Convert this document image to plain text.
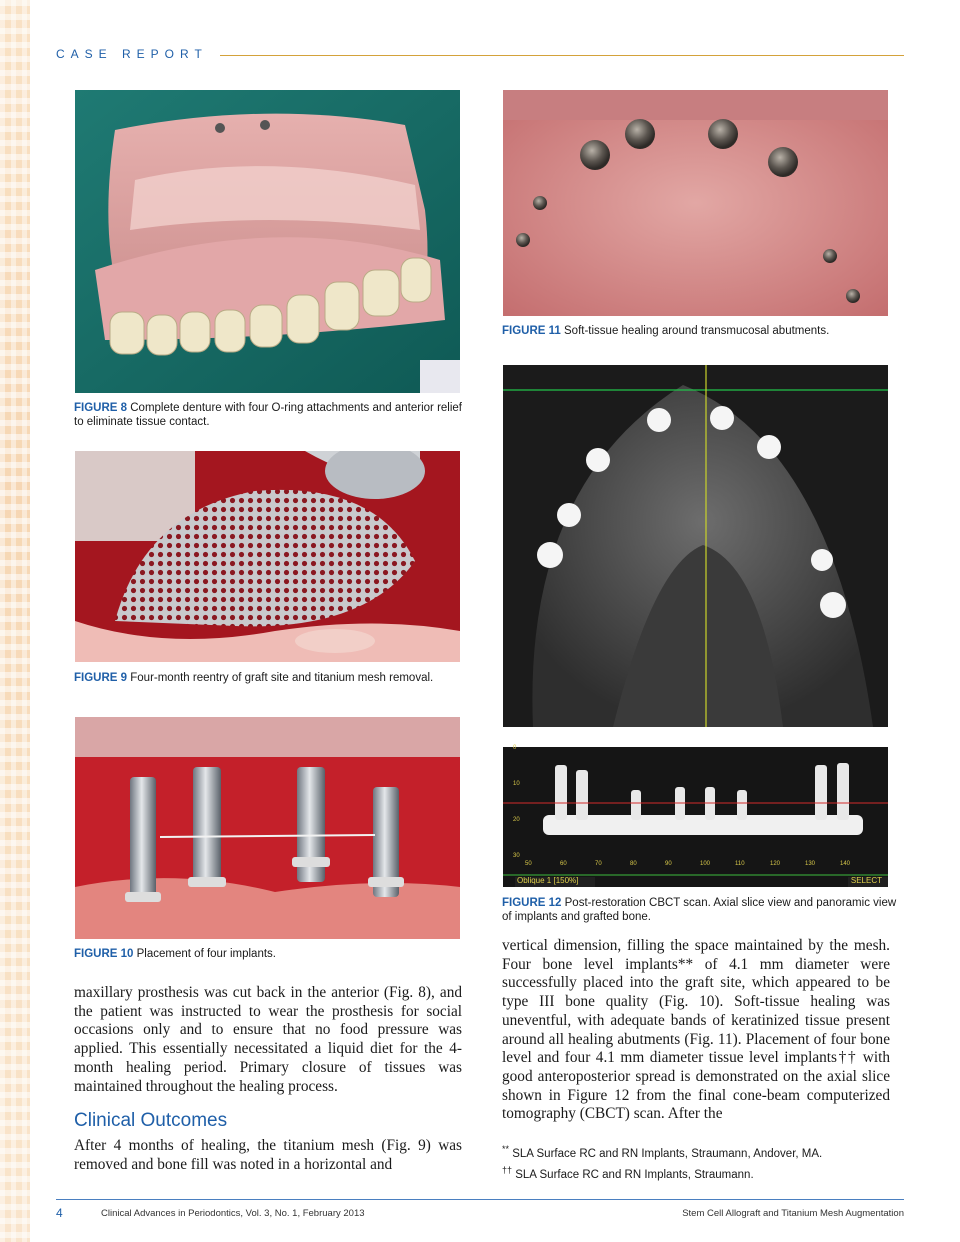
CASE REPORT
FIGURE 8 Complete denture with four O-ring attachments and anterior relief to eliminate tissue contact.
FIGURE 9 Four-month reentry of graft site and titanium mesh removal.
FIGURE 10 Placement of four implants.
FIGURE 11 Soft-tissue healing around transmucosal abutments.
0
10
20
30
50	60	70	80	90	100	110	120	130	140
Oblique 1 [150%]	SELECT
FIGURE 12 Post-restoration CBCT scan. Axial slice view and panoramic view of implants and grafted bone.
maxillary prosthesis was cut back in the anterior (Fig. 8), and the patient was instructed to wear the prosthesis for social occasions only and to ensure that no food pressure was applied. This essentially necessitated a liquid diet for the 4-month healing period. Primary closure of tissues was maintained throughout the healing process.
Clinical Outcomes
After 4 months of healing, the titanium mesh (Fig. 9) was removed and bone fill was noted in a horizontal and
vertical dimension, filling the space maintained by the mesh. Four bone level implants** of 4.1 mm diameter were successfully placed into the graft site, which appeared to be type III bone quality (Fig. 10). Soft-tissue healing was uneventful, with adequate bands of keratinized tissue present around all healing abutments (Fig. 11). Placement of four bone level and four 4.1 mm diameter tissue level implants†† with good anteroposterior spread is demonstrated on the axial slice shown in Figure 12 from the final cone-beam computerized tomography (CBCT) scan. After the
** SLA Surface RC and RN Implants, Straumann, Andover, MA.
†† SLA Surface RC and RN Implants, Straumann.
4	Clinical Advances in Periodontics, Vol. 3, No. 1, February 2013	Stem Cell Allograft and Titanium Mesh Augmentation
